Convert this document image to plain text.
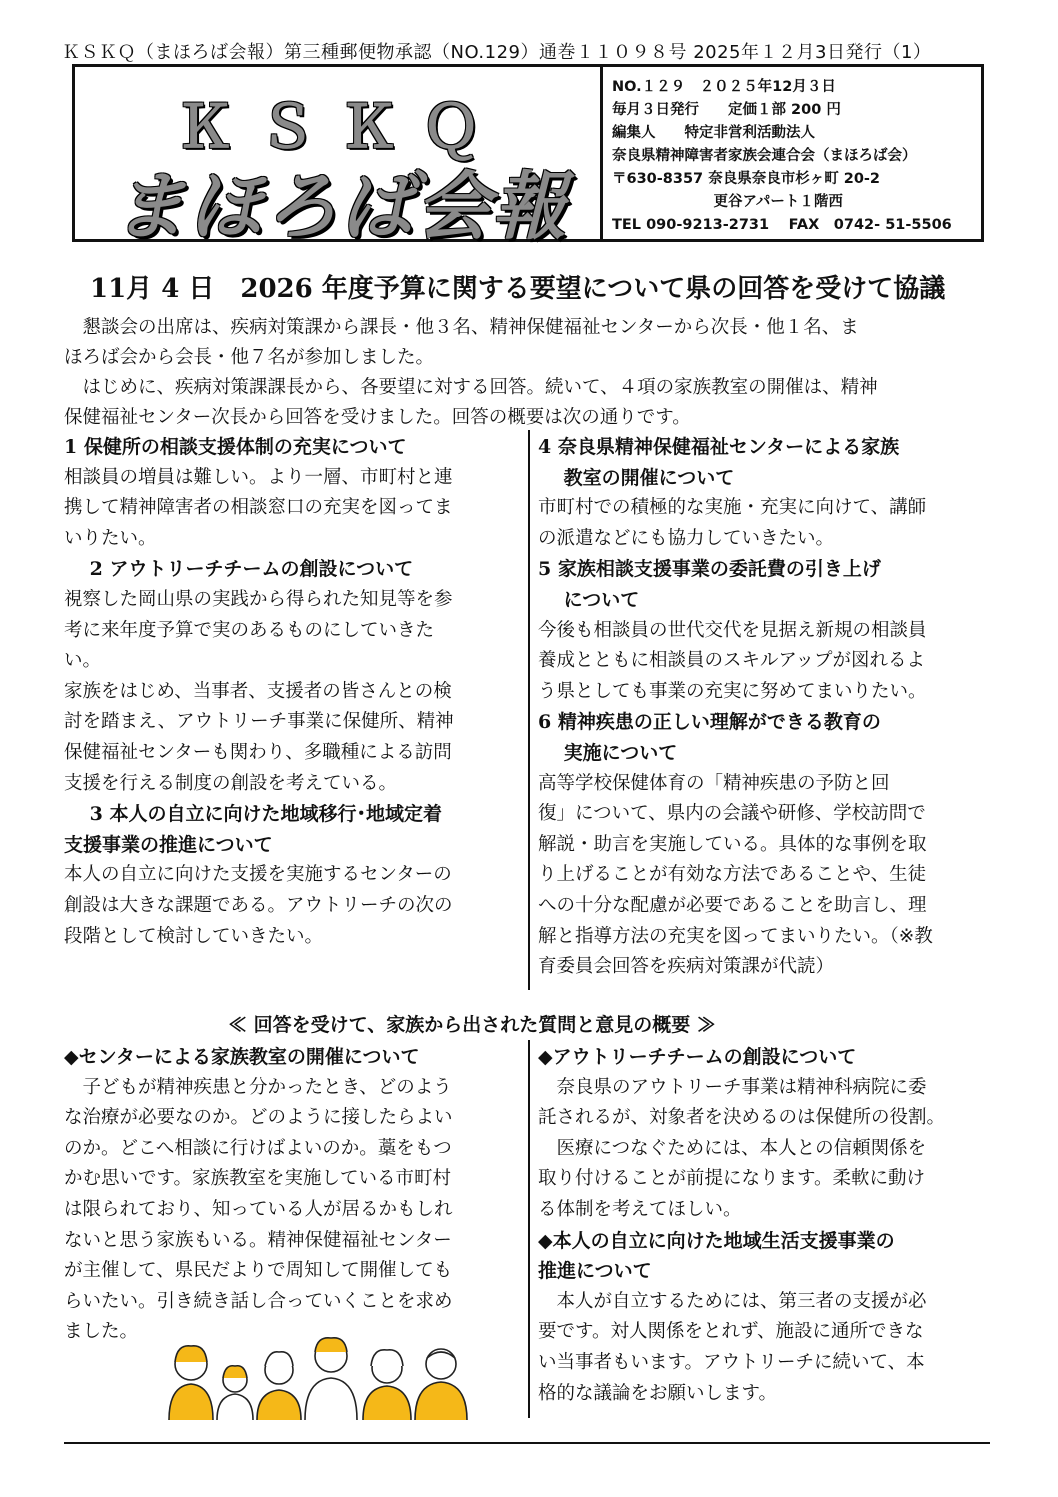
ＫＳＫＱ（まほろば会報）第三種郵便物承認（NO.129）通巻１１０９８号 2025年１２月3日発行（1）
ＫＳＫＱ
まほろば会報
NO.１２９　２０２５年12月３日
毎月３日発行　　定価１部 200 円
編集人　　特定非営利活動法人
奈良県精神障害者家族会連合会（まほろば会）
〒630-8357 奈良県奈良市杉ヶ町 20-2
　　　　　　　更谷アパート１階西
TEL 090-9213-2731　 FAX　0742- 51-5506
11月 4 日　2026 年度予算に関する要望について県の回答を受けて協議
　懇談会の出席は、疾病対策課から課長・他３名、精神保健福祉センターから次長・他１名、ま
ほろば会から会長・他７名が参加しました。
　はじめに、疾病対策課課長から、各要望に対する回答。続いて、４項の家族教室の開催は、精神
保健福祉センター次長から回答を受けました。回答の概要は次の通りです。
1 保健所の相談支援体制の充実について
相談員の増員は難しい。より一層、市町村と連
携して精神障害者の相談窓口の充実を図ってま
いりたい。
　 2 アウトリーチチームの創設について
視察した岡山県の実践から得られた知見等を参
考に来年度予算で実のあるものにしていきた
い。
家族をはじめ、当事者、支援者の皆さんとの検
討を踏まえ、アウトリーチ事業に保健所、精神
保健福祉センターも関わり、多職種による訪問
支援を行える制度の創設を考えている。
　 3 本人の自立に向けた地域移行･地域定着
支援事業の推進について
本人の自立に向けた支援を実施するセンターの
創設は大きな課題である。アウトリーチの次の
段階として検討していきたい。
4 奈良県精神保健福祉センターによる家族
　 教室の開催について
市町村での積極的な実施・充実に向けて、講師
の派遣などにも協力していきたい。
5 家族相談支援事業の委託費の引き上げ
　 について
今後も相談員の世代交代を見据え新規の相談員
養成とともに相談員のスキルアップが図れるよ
う県としても事業の充実に努めてまいりたい。
6 精神疾患の正しい理解ができる教育の
　 実施について
高等学校保健体育の「精神疾患の予防と回
復」について、県内の会議や研修、学校訪問で
解説・助言を実施している。具体的な事例を取
り上げることが有効な方法であることや、生徒
への十分な配慮が必要であることを助言し、理
解と指導方法の充実を図ってまいりたい。（※教
育委員会回答を疾病対策課が代読）
≪ 回答を受けて、家族から出された質問と意見の概要 ≫
◆センターによる家族教室の開催について
　子どもが精神疾患と分かったとき、どのよう
な治療が必要なのか。どのように接したらよい
のか。どこへ相談に行けばよいのか。藁をもつ
かむ思いです。家族教室を実施している市町村
は限られており、知っている人が居るかもしれ
ないと思う家族もいる。精神保健福祉センター
が主催して、県民だよりで周知して開催しても
らいたい。引き続き話し合っていくことを求め
ました。
◆アウトリーチチームの創設について
　奈良県のアウトリーチ事業は精神科病院に委
託されるが、対象者を決めるのは保健所の役割。
　医療につなぐためには、本人との信頼関係を
取り付けることが前提になります。柔軟に動け
る体制を考えてほしい。
◆本人の自立に向けた地域生活支援事業の
推進について
　本人が自立するためには、第三者の支援が必
要です。対人関係をとれず、施設に通所できな
い当事者もいます。アウトリーチに続いて、本
格的な議論をお願いします。
